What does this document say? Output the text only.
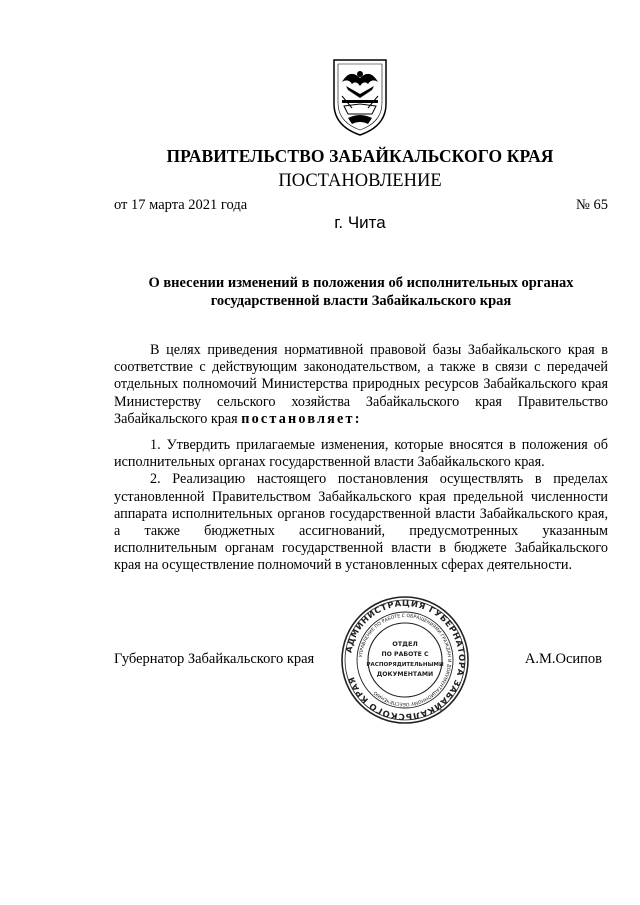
ПРАВИТЕЛЬСТВО ЗАБАЙКАЛЬСКОГО КРАЯ
ПОСТАНОВЛЕНИЕ
от 17 марта 2021 года	№ 65
г. Чита
О внесении изменений в положения об исполнительных органах
государственной власти Забайкальского края

В целях приведения нормативной правовой базы Забайкальского края в соответствие с действующим законодательством, а также в связи с передачей отдельных полномочий Министерства природных ресурсов Забайкальского края Министерству сельского хозяйства Забайкальского края Правительство Забайкальского края постановляет:

1. Утвердить прилагаемые изменения, которые вносятся в положения об исполнительных органах государственной власти Забайкальского края.

2. Реализацию настоящего постановления осуществлять в пределах установленной Правительством Забайкальского края предельной численности аппарата исполнительных органов государственной власти Забайкальского края, а также бюджетных ассигнований, предусмотренных указанным исполнительным органам государственной власти в бюджете Забайкальского края на осуществление полномочий в установленных сферах деятельности.

Губернатор Забайкальского края	А.М.Осипов
АДМИНИСТРАЦИЯ ГУБЕРНАТОРА ЗАБАЙКАЛЬСКОГО КРАЯ
УПРАВЛЕНИЕ ПО РАБОТЕ С ОБРАЩЕНИЯМИ ГРАЖДАН И ДОКУМЕНТАЦИОННОМУ ОБЕСПЕЧЕНИЮ
ОТДЕЛ
ПО РАБОТЕ С
РАСПОРЯДИТЕЛЬНЫМИ
ДОКУМЕНТАМИ
